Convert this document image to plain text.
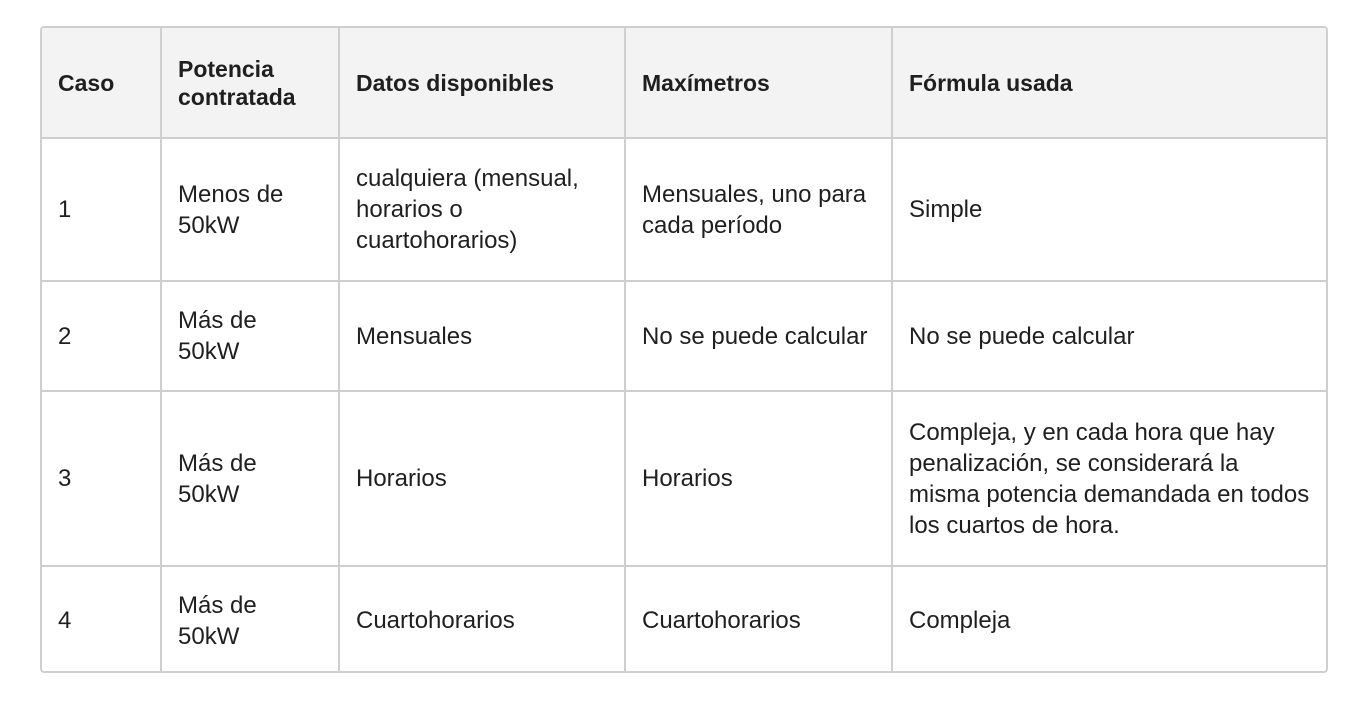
Caso	Potencia contratada	Datos disponibles	Maxímetros	Fórmula usada
1	Menos de 50kW	cualquiera (mensual, horarios o cuartohorarios)	Mensuales, uno para cada período	Simple
2	Más de 50kW	Mensuales	No se puede calcular	No se puede calcular
3	Más de 50kW	Horarios	Horarios	Compleja, y en cada hora que hay penalización, se considerará la misma potencia demandada en todos los cuartos de hora.
4	Más de 50kW	Cuartohorarios	Cuartohorarios	Compleja
